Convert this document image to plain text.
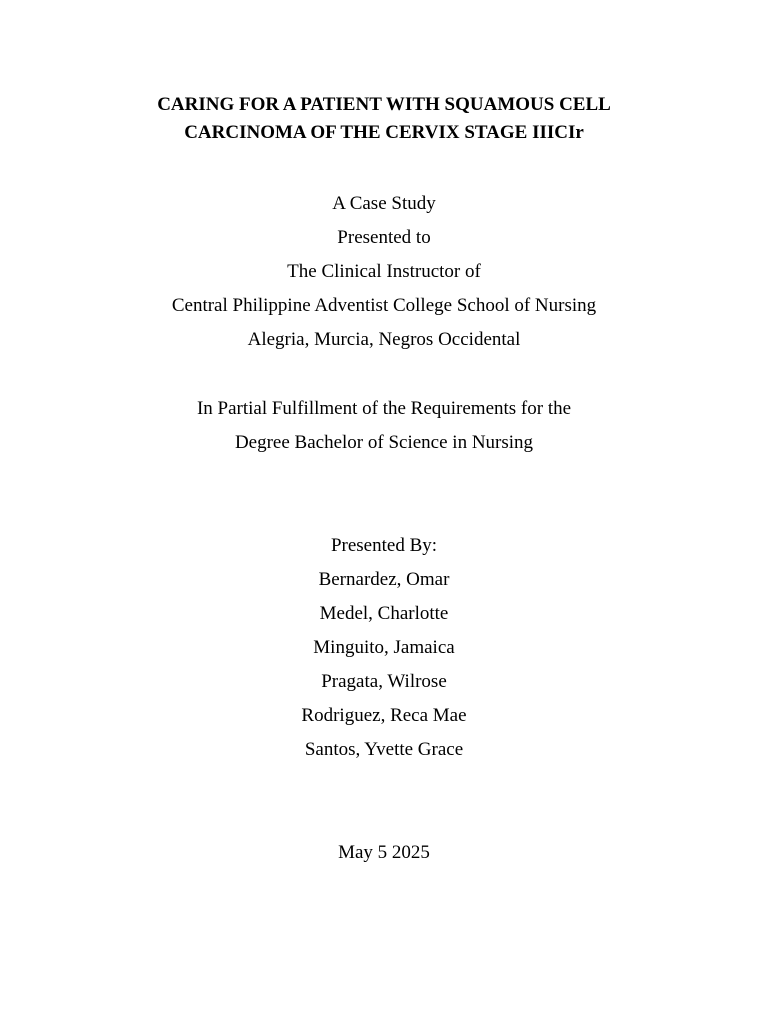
CARING FOR A PATIENT WITH SQUAMOUS CELL
CARCINOMA OF THE CERVIX STAGE IIICIr
A Case Study
Presented to
The Clinical Instructor of
Central Philippine Adventist College School of Nursing
Alegria, Murcia, Negros Occidental
In Partial Fulfillment of the Requirements for the
Degree Bachelor of Science in Nursing
Presented By:
Bernardez, Omar
Medel, Charlotte
Minguito, Jamaica
Pragata, Wilrose
Rodriguez, Reca Mae
Santos, Yvette Grace
May 5 2025
